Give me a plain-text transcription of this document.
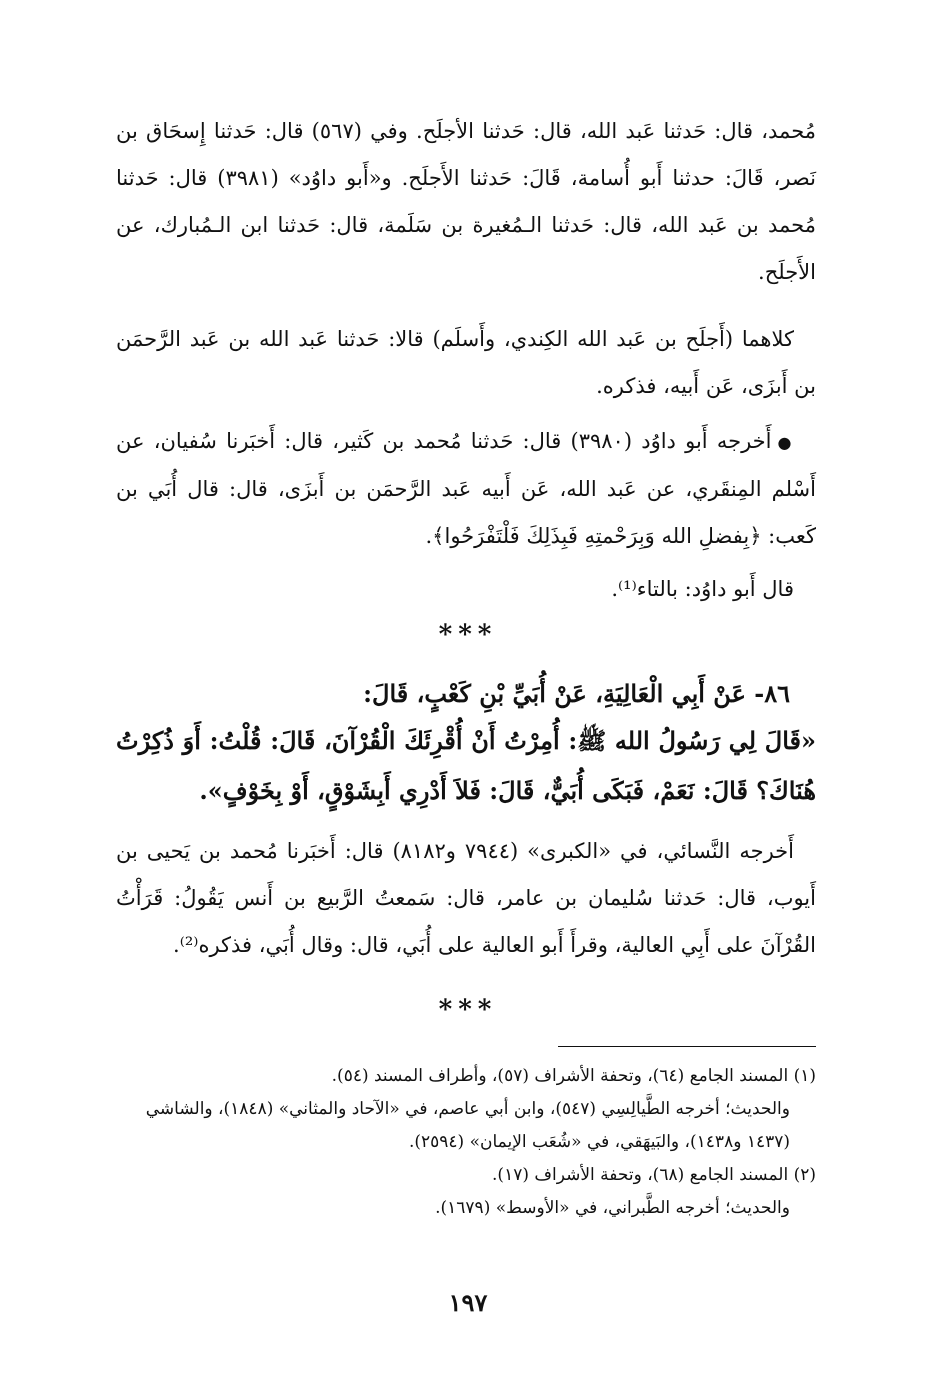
مُحمد، قال: حَدثنا عَبد الله، قال: حَدثنا الأجلَح. وفي (٥٦٧) قال: حَدثنا إِسحَاق بن نَصر، قَالَ: حدثنا أَبو أُسامة، قَالَ: حَدثنا الأَجلَح. و«أَبو داوُد» (٣٩٨١) قال: حَدثنا مُحمد بن عَبد الله، قال: حَدثنا الـمُغيرة بن سَلَمة، قال: حَدثنا ابن الـمُبارك، عن الأَجلَح.
كلاهما (أَجلَح بن عَبد الله الكِندي، وأَسلَم) قالا: حَدثنا عَبد الله بن عَبد الرَّحمَن بن أَبزَى، عَن أَبيه، فذكره.
●أَخرجه أَبو داوُد (٣٩٨٠) قال: حَدثنا مُحمد بن كَثير، قال: أَخبَرنا سُفيان، عن أَسْلم المِنقَري، عن عَبد الله، عَن أَبيه عَبد الرَّحمَن بن أَبزَى، قال: قال أُبَي بن كَعب: ﴿بِفضلِ الله وَبِرَحْمتِهِ فَبِذَلِكَ فَلْتَفْرَحُوا﴾.
قال أَبو داوُد: بالتاء⁽¹⁾.
***
٨٦- عَنْ أَبِي الْعَالِيَةِ، عَنْ أُبَيِّ بْنِ كَعْبٍ، قَالَ:
«قَالَ لِي رَسُولُ الله ﷺ: أُمِرْتُ أَنْ أُقْرِئَكَ الْقُرْآنَ، قَالَ: قُلْتُ: أَوَ ذُكِرْتُ هُنَاكَ؟ قَالَ: نَعَمْ، فَبَكَى أُبَيٌّ، قَالَ: فَلاَ أَدْرِي أَبِشَوْقٍ، أَوْ بِخَوْفٍ».
أَخرجه النَّسائي، في «الكبرى» (٧٩٤٤ و٨١٨٢) قال: أَخبَرنا مُحمد بن يَحيى بن أَيوب، قال: حَدثنا سُليمان بن عامر، قال: سَمعتُ الرَّبيع بن أَنس يَقُولُ: قَرَأْتُ القُرْآنَ على أَبِي العالية، وقرأَ أَبو العالية على أُبَي، قال: وقال أُبَي، فذكره⁽²⁾.
***

(١) المسند الجامع (٦٤)، وتحفة الأشراف (٥٧)، وأطراف المسند (٥٤).

والحديث؛ أخرجه الطَّيالِسِي (٥٤٧)، وابن أبي عاصم، في «الآحاد والمثاني» (١٨٤٨)، والشاشي

(١٤٣٧ و١٤٣٨)، والبَيهَقي، في «شُعَب الإيمان» (٢٥٩٤).

(٢) المسند الجامع (٦٨)، وتحفة الأشراف (١٧).

والحديث؛ أخرجه الطَّبراني، في «الأوسط» (١٦٧٩).

١٩٧
